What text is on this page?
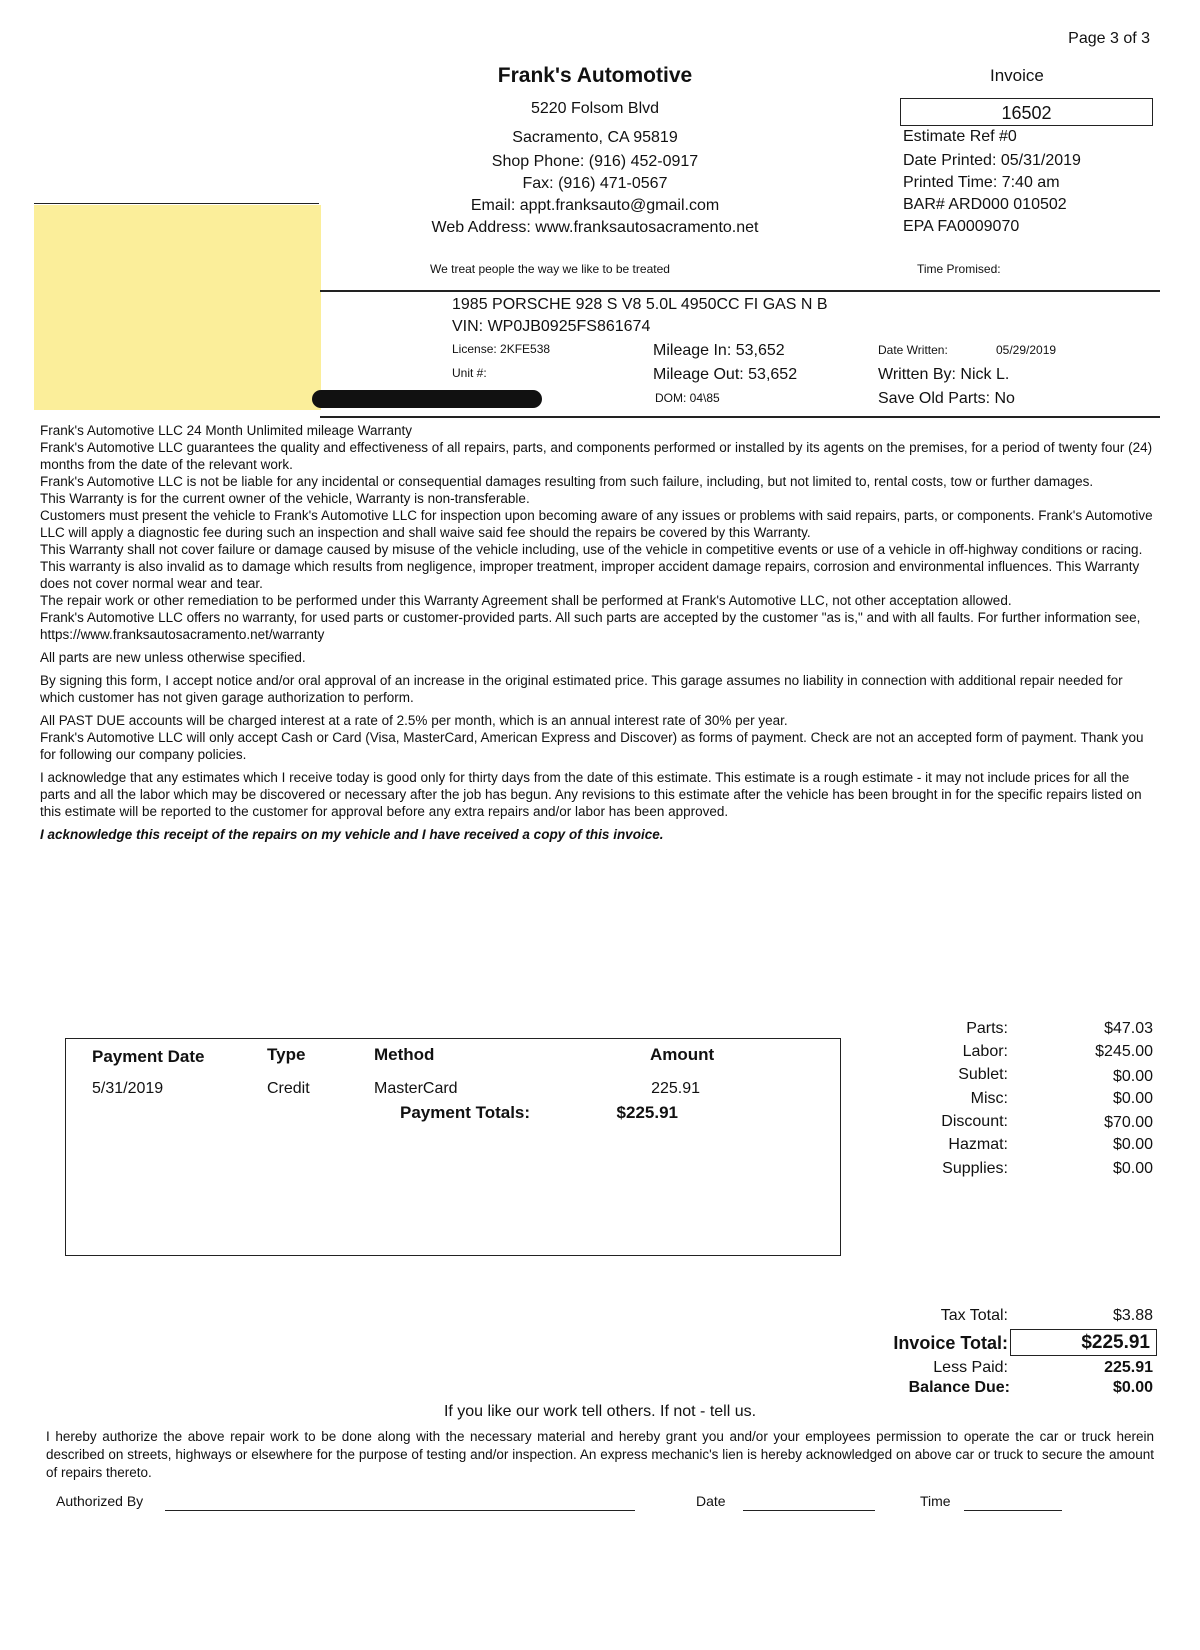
Page 3 of 3
Frank's Automotive
5220 Folsom Blvd
Sacramento, CA 95819
Shop Phone: (916) 452-0917
Fax: (916) 471-0567
Email: appt.franksauto@gmail.com
Web Address: www.franksautosacramento.net
We treat people the way we like to be treated
Invoice
16502
Estimate Ref #0
Date Printed: 05/31/2019
Printed Time: 7:40 am
BAR# ARD000 010502
EPA FA0009070
Time Promised:
1985 PORSCHE 928 S V8 5.0L 4950CC FI GAS N B
VIN: WP0JB0925FS861674
License: 2KFE538
Unit #:
Mileage In: 53,652
Mileage Out: 53,652
DOM: 04\85
Date Written:	05/29/2019
Written By: Nick L.
Save Old Parts: No

Frank's Automotive LLC 24 Month Unlimited mileage Warranty

Frank's Automotive LLC guarantees the quality and effectiveness of all repairs, parts, and components performed or installed by its agents on the premises, for a period of twenty four (24) months from the date of the relevant work.

Frank's Automotive LLC is not be liable for any incidental or consequential damages resulting from such failure, including, but not limited to, rental costs, tow or further damages.

This Warranty is for the current owner of the vehicle, Warranty is non-transferable.

Customers must present the vehicle to Frank's Automotive LLC for inspection upon becoming aware of any issues or problems with said repairs, parts, or components. Frank's Automotive LLC will apply a diagnostic fee during such an inspection and shall waive said fee should the repairs be covered by this Warranty.

This Warranty shall not cover failure or damage caused by misuse of the vehicle including, use of the vehicle in competitive events or use of a vehicle in off-highway conditions or racing. This warranty is also invalid as to damage which results from negligence, improper treatment, improper accident damage repairs, corrosion and environmental influences. This Warranty does not cover normal wear and tear.

The repair work or other remediation to be performed under this Warranty Agreement shall be performed at Frank's Automotive LLC, not other acceptation allowed.

Frank's Automotive LLC offers no warranty, for used parts or customer-provided parts. All such parts are accepted by the customer "as is," and with all faults. For further information see, https://www.franksautosacramento.net/warranty

All parts are new unless otherwise specified.

By signing this form, I accept notice and/or oral approval of an increase in the original estimated price. This garage assumes no liability in connection with additional repair needed for which customer has not given garage authorization to perform.

All PAST DUE accounts will be charged interest at a rate of 2.5% per month, which is an annual interest rate of 30% per year.

Frank's Automotive LLC will only accept Cash or Card (Visa, MasterCard, American Express and Discover) as forms of payment. Check are not an accepted form of payment. Thank you for following our company policies.

I acknowledge that any estimates which I receive today is good only for thirty days from the date of this estimate. This estimate is a rough estimate - it may not include prices for all the parts and all the labor which may be discovered or necessary after the job has begun. Any revisions to this estimate after the vehicle has been brought in for the specific repairs listed on this estimate will be reported to the customer for approval before any extra repairs and/or labor has been approved.

I acknowledge this receipt of the repairs on my vehicle and I have received a copy of this invoice.

Payment Date	Type	Method	Amount
5/31/2019	Credit	MasterCard	225.91
Payment Totals:	$225.91
Parts:	$47.03
Labor:	$245.00
Sublet:	$0.00
Misc:	$0.00
Discount:	$70.00
Hazmat:	$0.00
Supplies:	$0.00
Tax Total:	$3.88
Invoice Total:	$225.91
Less Paid:	225.91
Balance Due:	$0.00
If you like our work tell others. If not - tell us.
I hereby authorize the above repair work to be done along with the necessary material and hereby grant you and/or your employees permission to operate the car or truck herein described on streets, highways or elsewhere for the purpose of testing and/or inspection. An express mechanic's lien is hereby acknowledged on above car or truck to secure the amount of repairs thereto.
Authorized By	Date	Time
